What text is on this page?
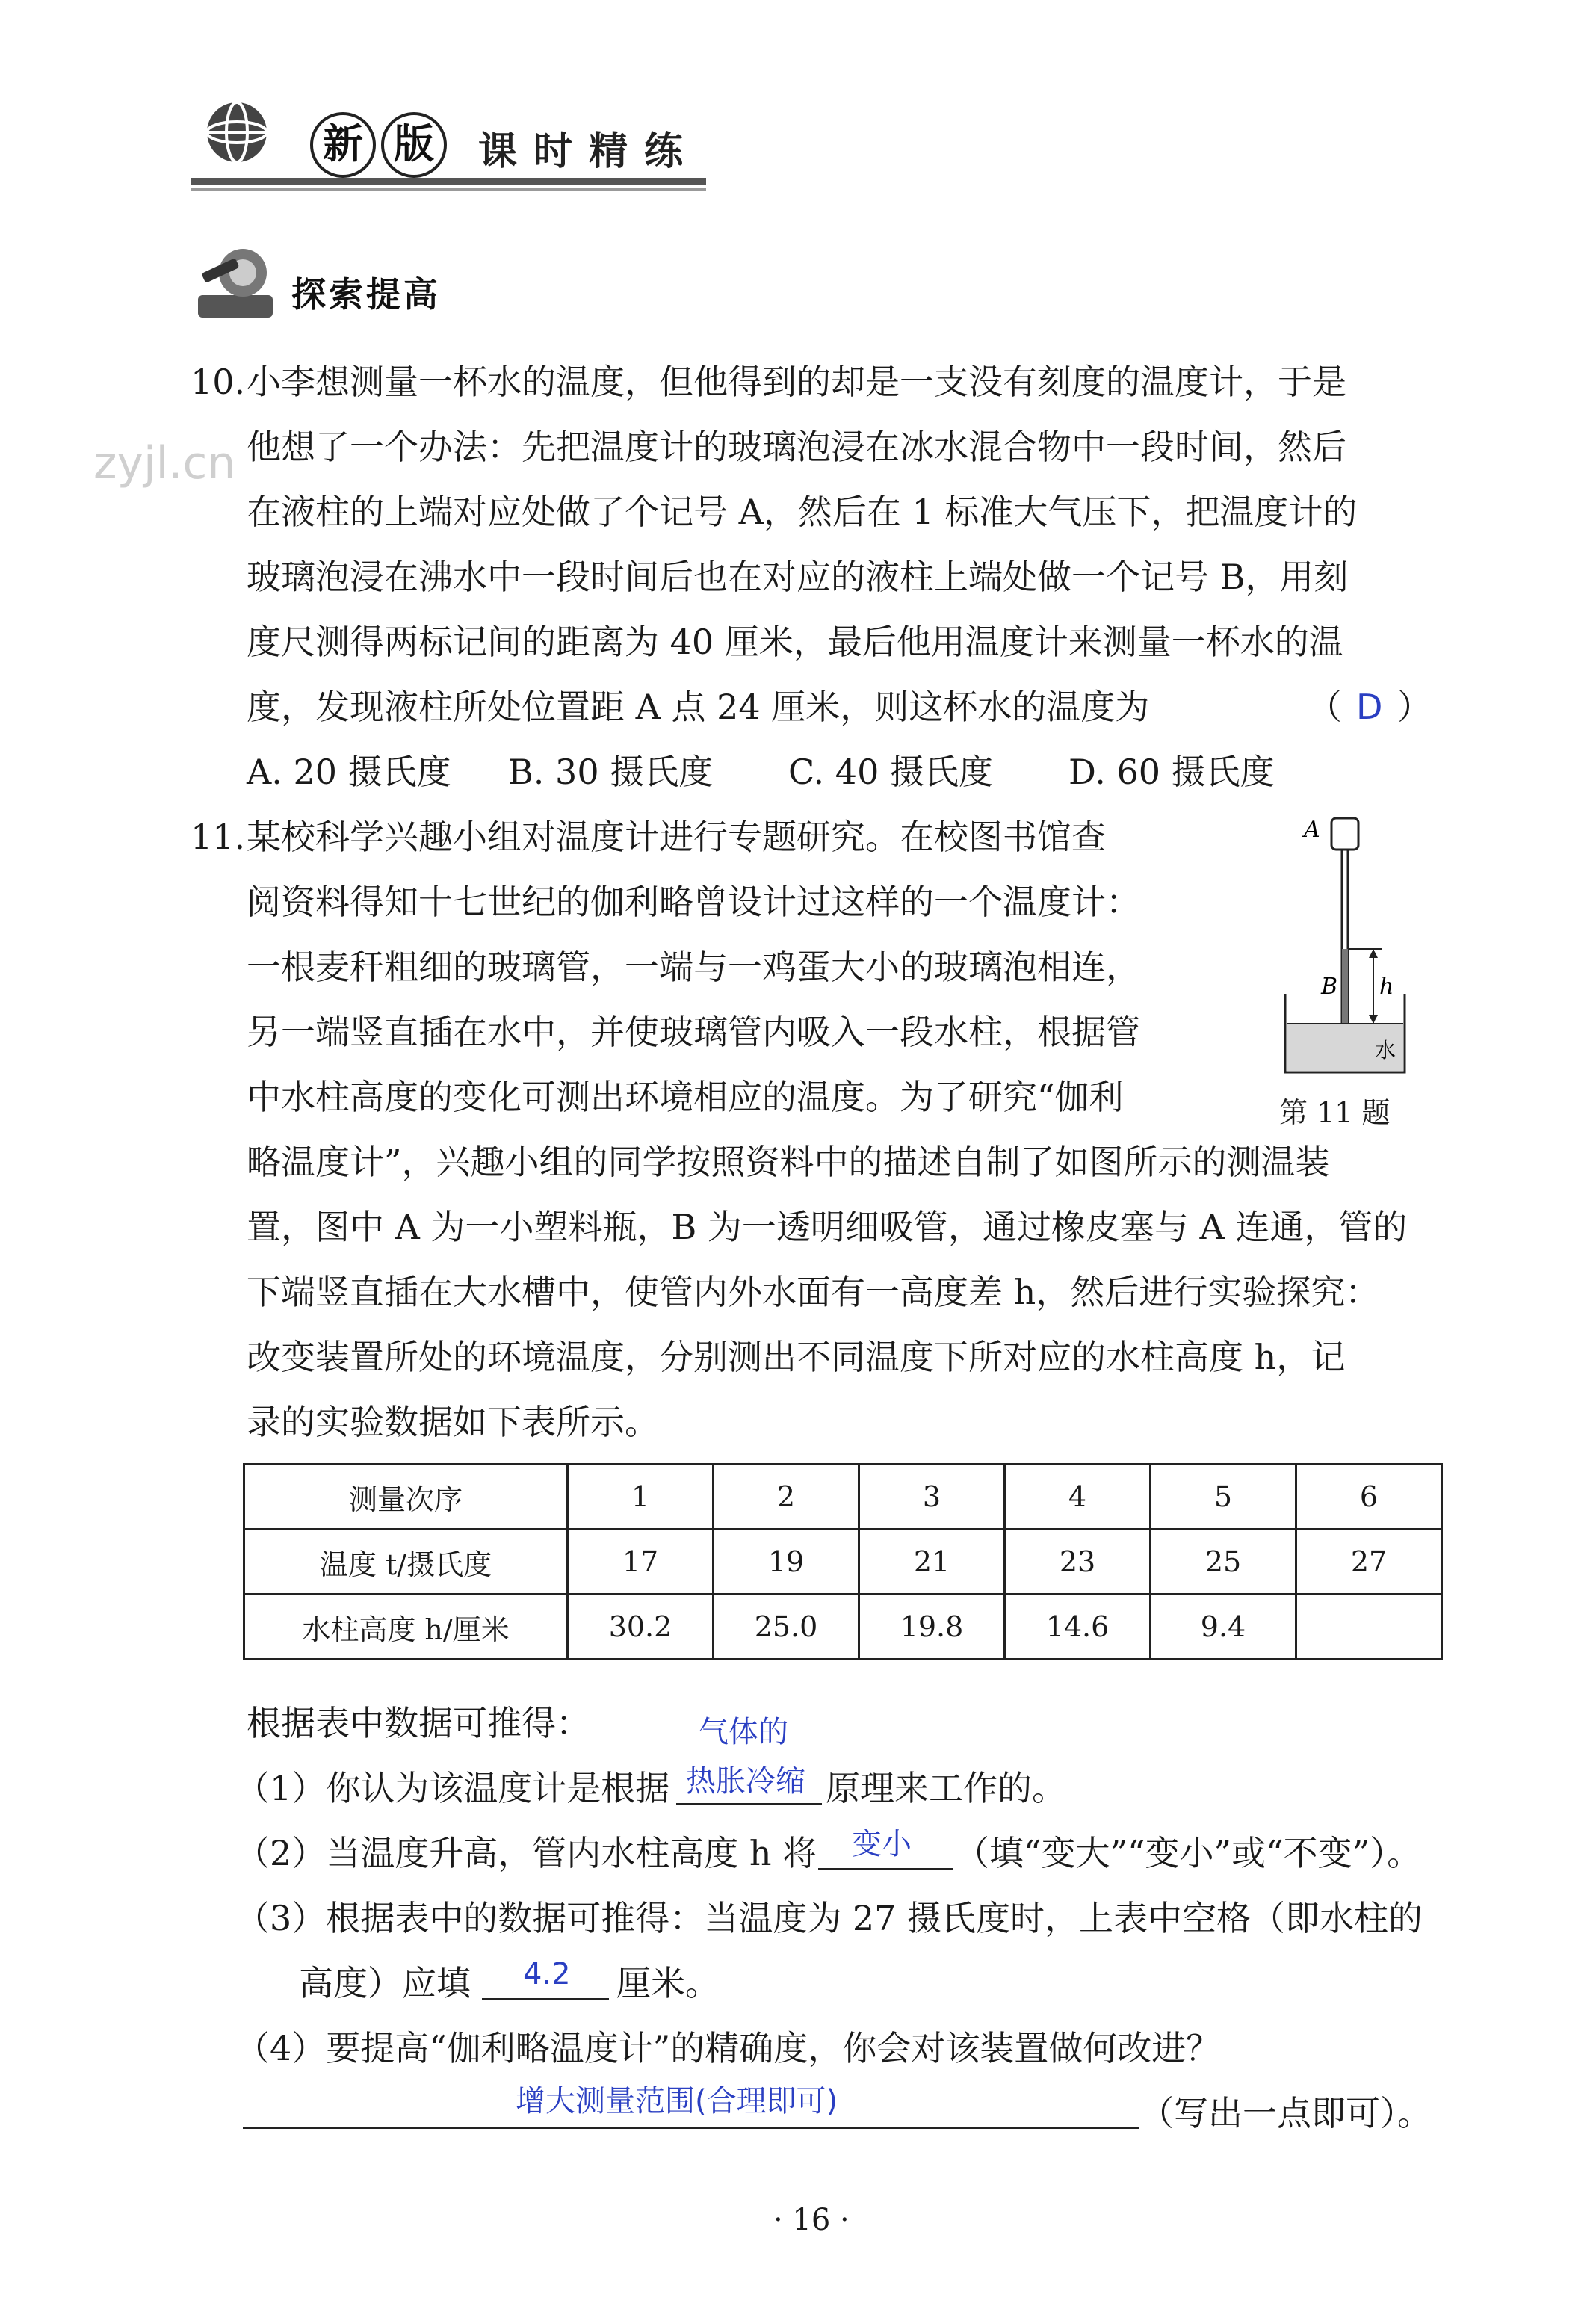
新 版	课时精练
探索提高
zyjl.cn
10. 小李想测量一杯水的温度，但他得到的却是一支没有刻度的温度计，于是
他想了一个办法：先把温度计的玻璃泡浸在冰水混合物中一段时间，然后
在液柱的上端对应处做了个记号 A，然后在 1 标准大气压下，把温度计的
玻璃泡浸在沸水中一段时间后也在对应的液柱上端处做一个记号 B，用刻
度尺测得两标记间的距离为 40 厘米，最后他用温度计来测量一杯水的温
度，发现液柱所处位置距 A 点 24 厘米，则这杯水的温度为	（ D ）
A. 20 摄氏度 B. 30 摄氏度 C. 40 摄氏度 D. 60 摄氏度
11. 某校科学兴趣小组对温度计进行专题研究。在校图书馆查
阅资料得知十七世纪的伽利略曾设计过这样的一个温度计：
一根麦秆粗细的玻璃管，一端与一鸡蛋大小的玻璃泡相连，
另一端竖直插在水中，并使玻璃管内吸入一段水柱，根据管
中水柱高度的变化可测出环境相应的温度。为了研究“伽利
略温度计”，兴趣小组的同学按照资料中的描述自制了如图所示的测温装
置，图中 A 为一小塑料瓶，B 为一透明细吸管，通过橡皮塞与 A 连通，管的
下端竖直插在大水槽中，使管内外水面有一高度差 h，然后进行实验探究：
改变装置所处的环境温度，分别测出不同温度下所对应的水柱高度 h，记
录的实验数据如下表所示。
A
B h
水
第 11 题
测量次序	1	2	3	4	5	6
温度 t/摄氏度	17	19	21	23	25	27
水柱高度 h/厘米	30.2	25.0	19.8	14.6	9.4	
根据表中数据可推得：	气体的
（1）你认为该温度计是根据 热胀冷缩 原理来工作的。
（2）当温度升高，管内水柱高度 h 将 变小 （填“变大”“变小”或“不变”）。
（3）根据表中的数据可推得：当温度为 27 摄氏度时，上表中空格（即水柱的
高度）应填 4.2 厘米。
（4）要提高“伽利略温度计”的精确度，你会对该装置做何改进？
增大测量范围(合理即可)	（写出一点即可）。
· 16 ·
